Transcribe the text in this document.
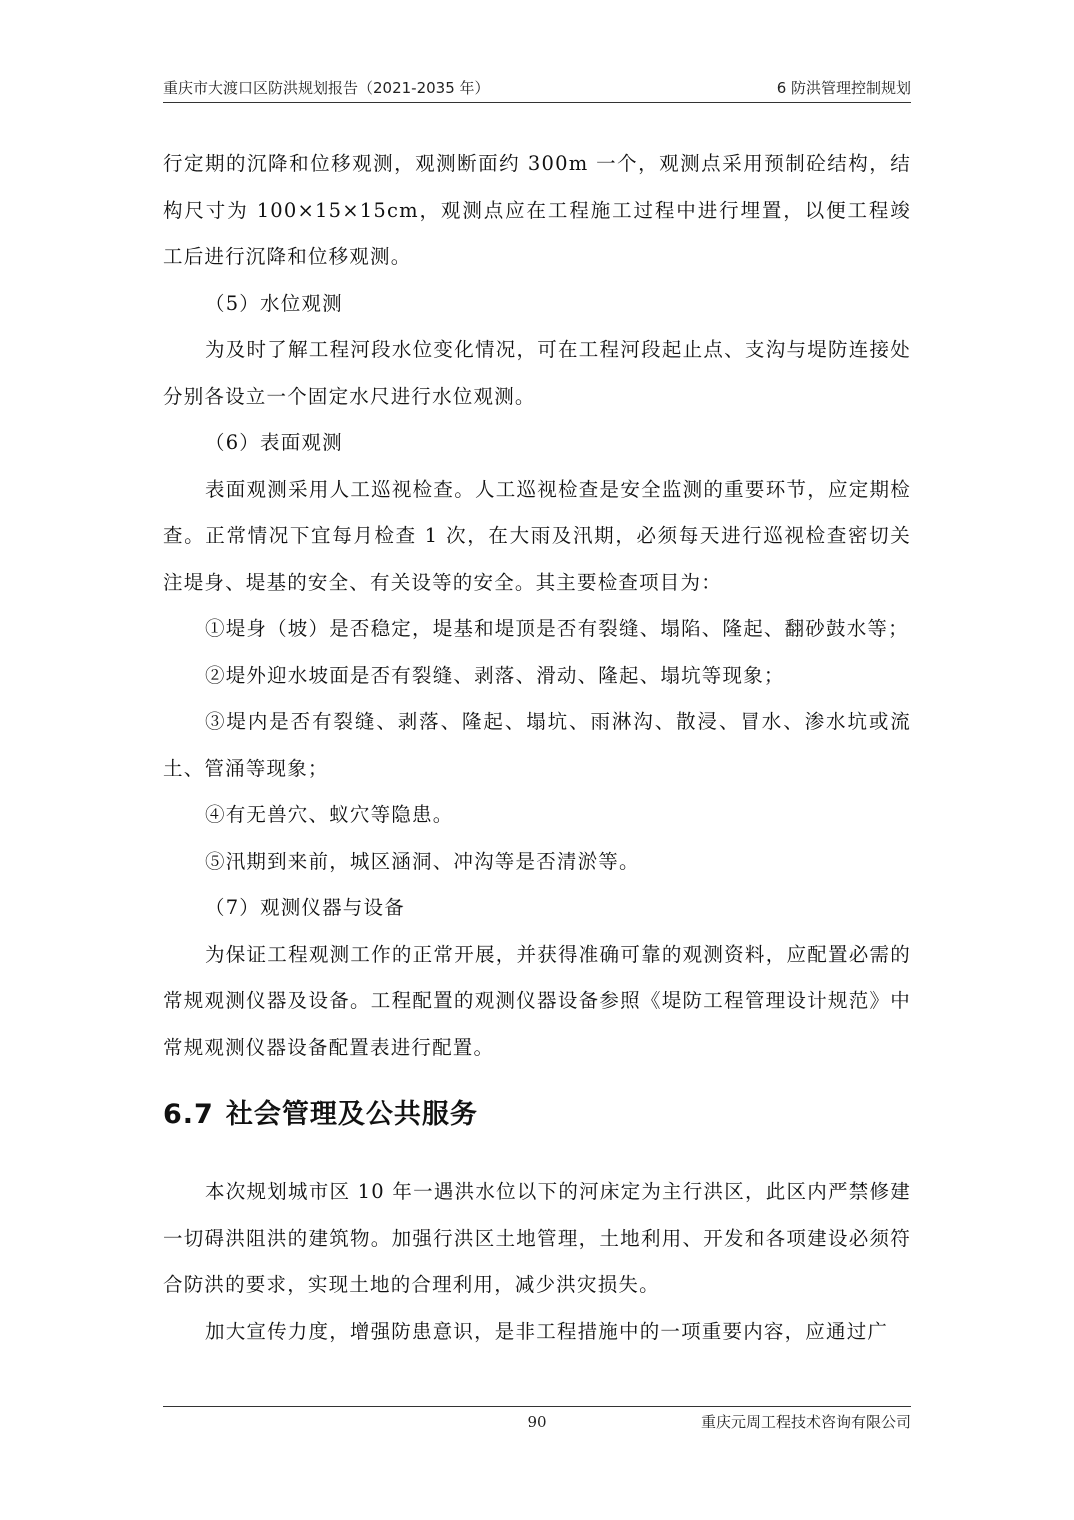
重庆市大渡口区防洪规划报告（2021-2035 年）	6 防洪管理控制规划

行定期的沉降和位移观测，观测断面约 300m 一个，观测点采用预制砼结构，结构尺寸为 100×15×15cm，观测点应在工程施工过程中进行埋置，以便工程竣工后进行沉降和位移观测。

（5）水位观测

为及时了解工程河段水位变化情况，可在工程河段起止点、支沟与堤防连接处分别各设立一个固定水尺进行水位观测。

（6）表面观测

表面观测采用人工巡视检查。人工巡视检查是安全监测的重要环节，应定期检查。正常情况下宜每月检查 1 次，在大雨及汛期，必须每天进行巡视检查密切关注堤身、堤基的安全、有关设等的安全。其主要检查项目为：

①堤身（坡）是否稳定，堤基和堤顶是否有裂缝、塌陷、隆起、翻砂鼓水等；

②堤外迎水坡面是否有裂缝、剥落、滑动、隆起、塌坑等现象；

③堤内是否有裂缝、剥落、隆起、塌坑、雨淋沟、散浸、冒水、渗水坑或流土、管涌等现象；

④有无兽穴、蚁穴等隐患。

⑤汛期到来前，城区涵洞、冲沟等是否清淤等。

（7）观测仪器与设备

为保证工程观测工作的正常开展，并获得准确可靠的观测资料，应配置必需的常规观测仪器及设备。工程配置的观测仪器设备参照《堤防工程管理设计规范》中常规观测仪器设备配置表进行配置。

6.7 社会管理及公共服务

本次规划城市区 10 年一遇洪水位以下的河床定为主行洪区，此区内严禁修建一切碍洪阻洪的建筑物。加强行洪区土地管理，土地利用、开发和各项建设必须符合防洪的要求，实现土地的合理利用，减少洪灾损失。

加大宣传力度，增强防患意识，是非工程措施中的一项重要内容，应通过广

90	重庆元周工程技术咨询有限公司
